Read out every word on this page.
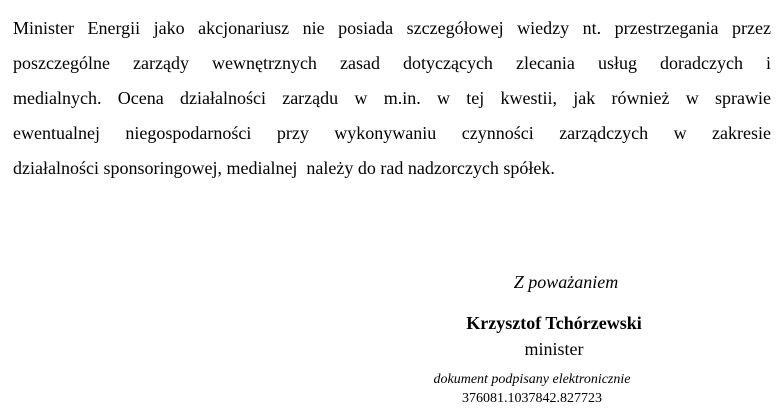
Minister Energii jako akcjonariusz nie posiada szczegółowej wiedzy nt. przestrzegania przez
poszczególne zarządy wewnętrznych zasad dotyczących zlecania usług doradczych i
medialnych. Ocena działalności zarządu w m.in. w tej kwestii, jak również w sprawie
ewentualnej niegospodarności przy wykonywaniu czynności zarządczych w zakresie
działalności sponsoringowej, medialnej  należy do rad nadzorczych spółek.
Z poważaniem
Krzysztof Tchórzewski
minister
dokument podpisany elektronicznie
376081.1037842.827723
